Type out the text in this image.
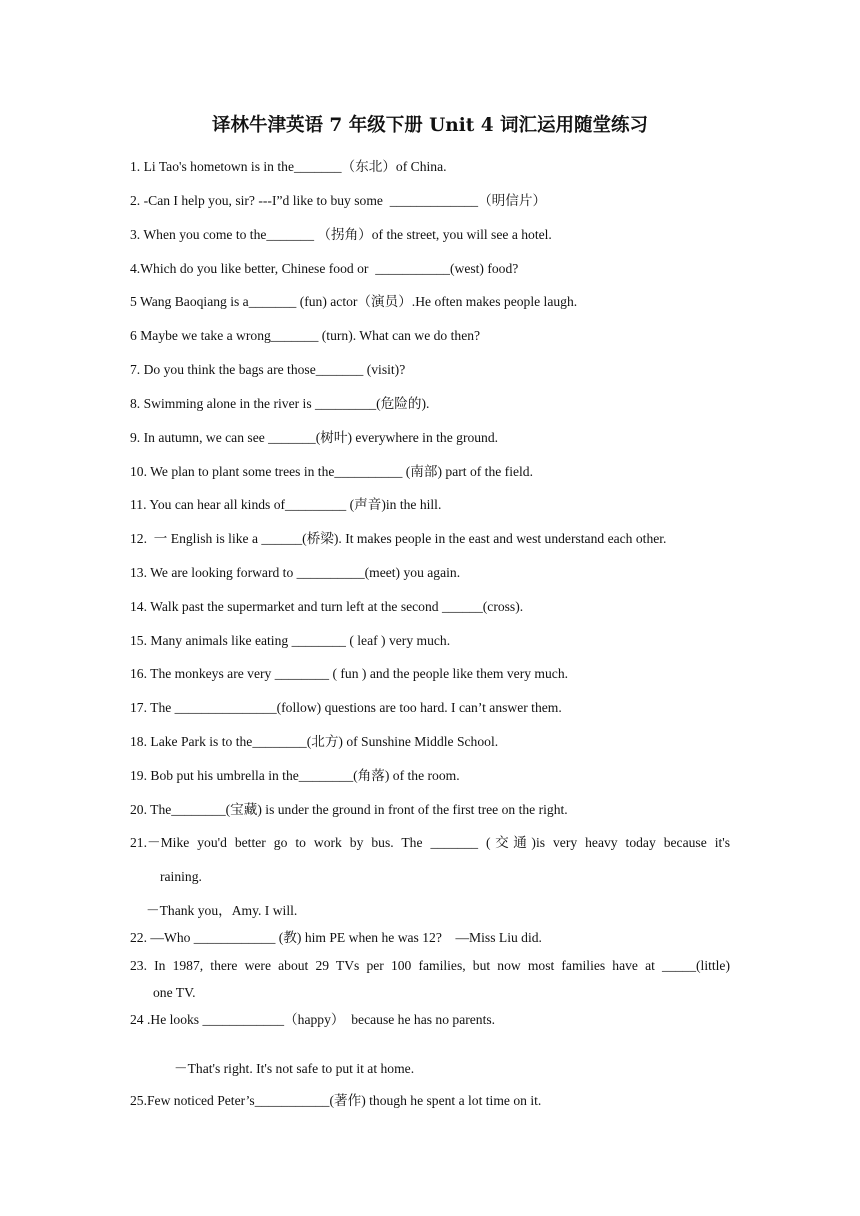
译林牛津英语 7 年级下册 Unit 4 词汇运用随堂练习
1. Li Tao's hometown is in the_______（东北）of China.
2. -Can I help you, sir? ---I”d like to buy some  _____________（明信片）
3. When you come to the_______ （拐角）of the street, you will see a hotel.
4.Which do you like better, Chinese food or  ___________(west) food?
5 Wang Baoqiang is a_______ (fun) actor（演员）.He often makes people laugh.
6 Maybe we take a wrong_______ (turn). What can we do then?
7. Do you think the bags are those_______ (visit)?
8. Swimming alone in the river is _________(危险的).
9. In autumn, we can see _______(树叶) everywhere in the ground.
10. We plan to plant some trees in the__________ (南部) part of the field.
11. You can hear all kinds of_________ (声音)in the hill.
12.  一 English is like a ______(桥梁). It makes people in the east and west understand each other.
13. We are looking forward to __________(meet) you again.
14. Walk past the supermarket and turn left at the second ______(cross).
15. Many animals like eating ________ ( leaf ) very much.
16. The monkeys are very ________ ( fun ) and the people like them very much.
17. The _______________(follow) questions are too hard. I can’t answer them.
18. Lake Park is to the________(北方) of Sunshine Middle School.
19. Bob put his umbrella in the________(角落) of the room.
20. The________(宝藏) is under the ground in front of the first tree on the right.
21.－Mike you'd better go to work by bus. The _______ (交通)is very heavy today because it's
raining.
－Thank you，Amy. I will.
22. —Who ____________ (教) him PE when he was 12?    —Miss Liu did.
23. In 1987, there were about 29 TVs per 100 families, but now most families have at _____(little)
one TV.
24 .He looks ____________（happy）  because he has no parents.
－That's right. It's not safe to put it at home.
25.Few noticed Peter’s___________(著作) though he spent a lot time on it.
